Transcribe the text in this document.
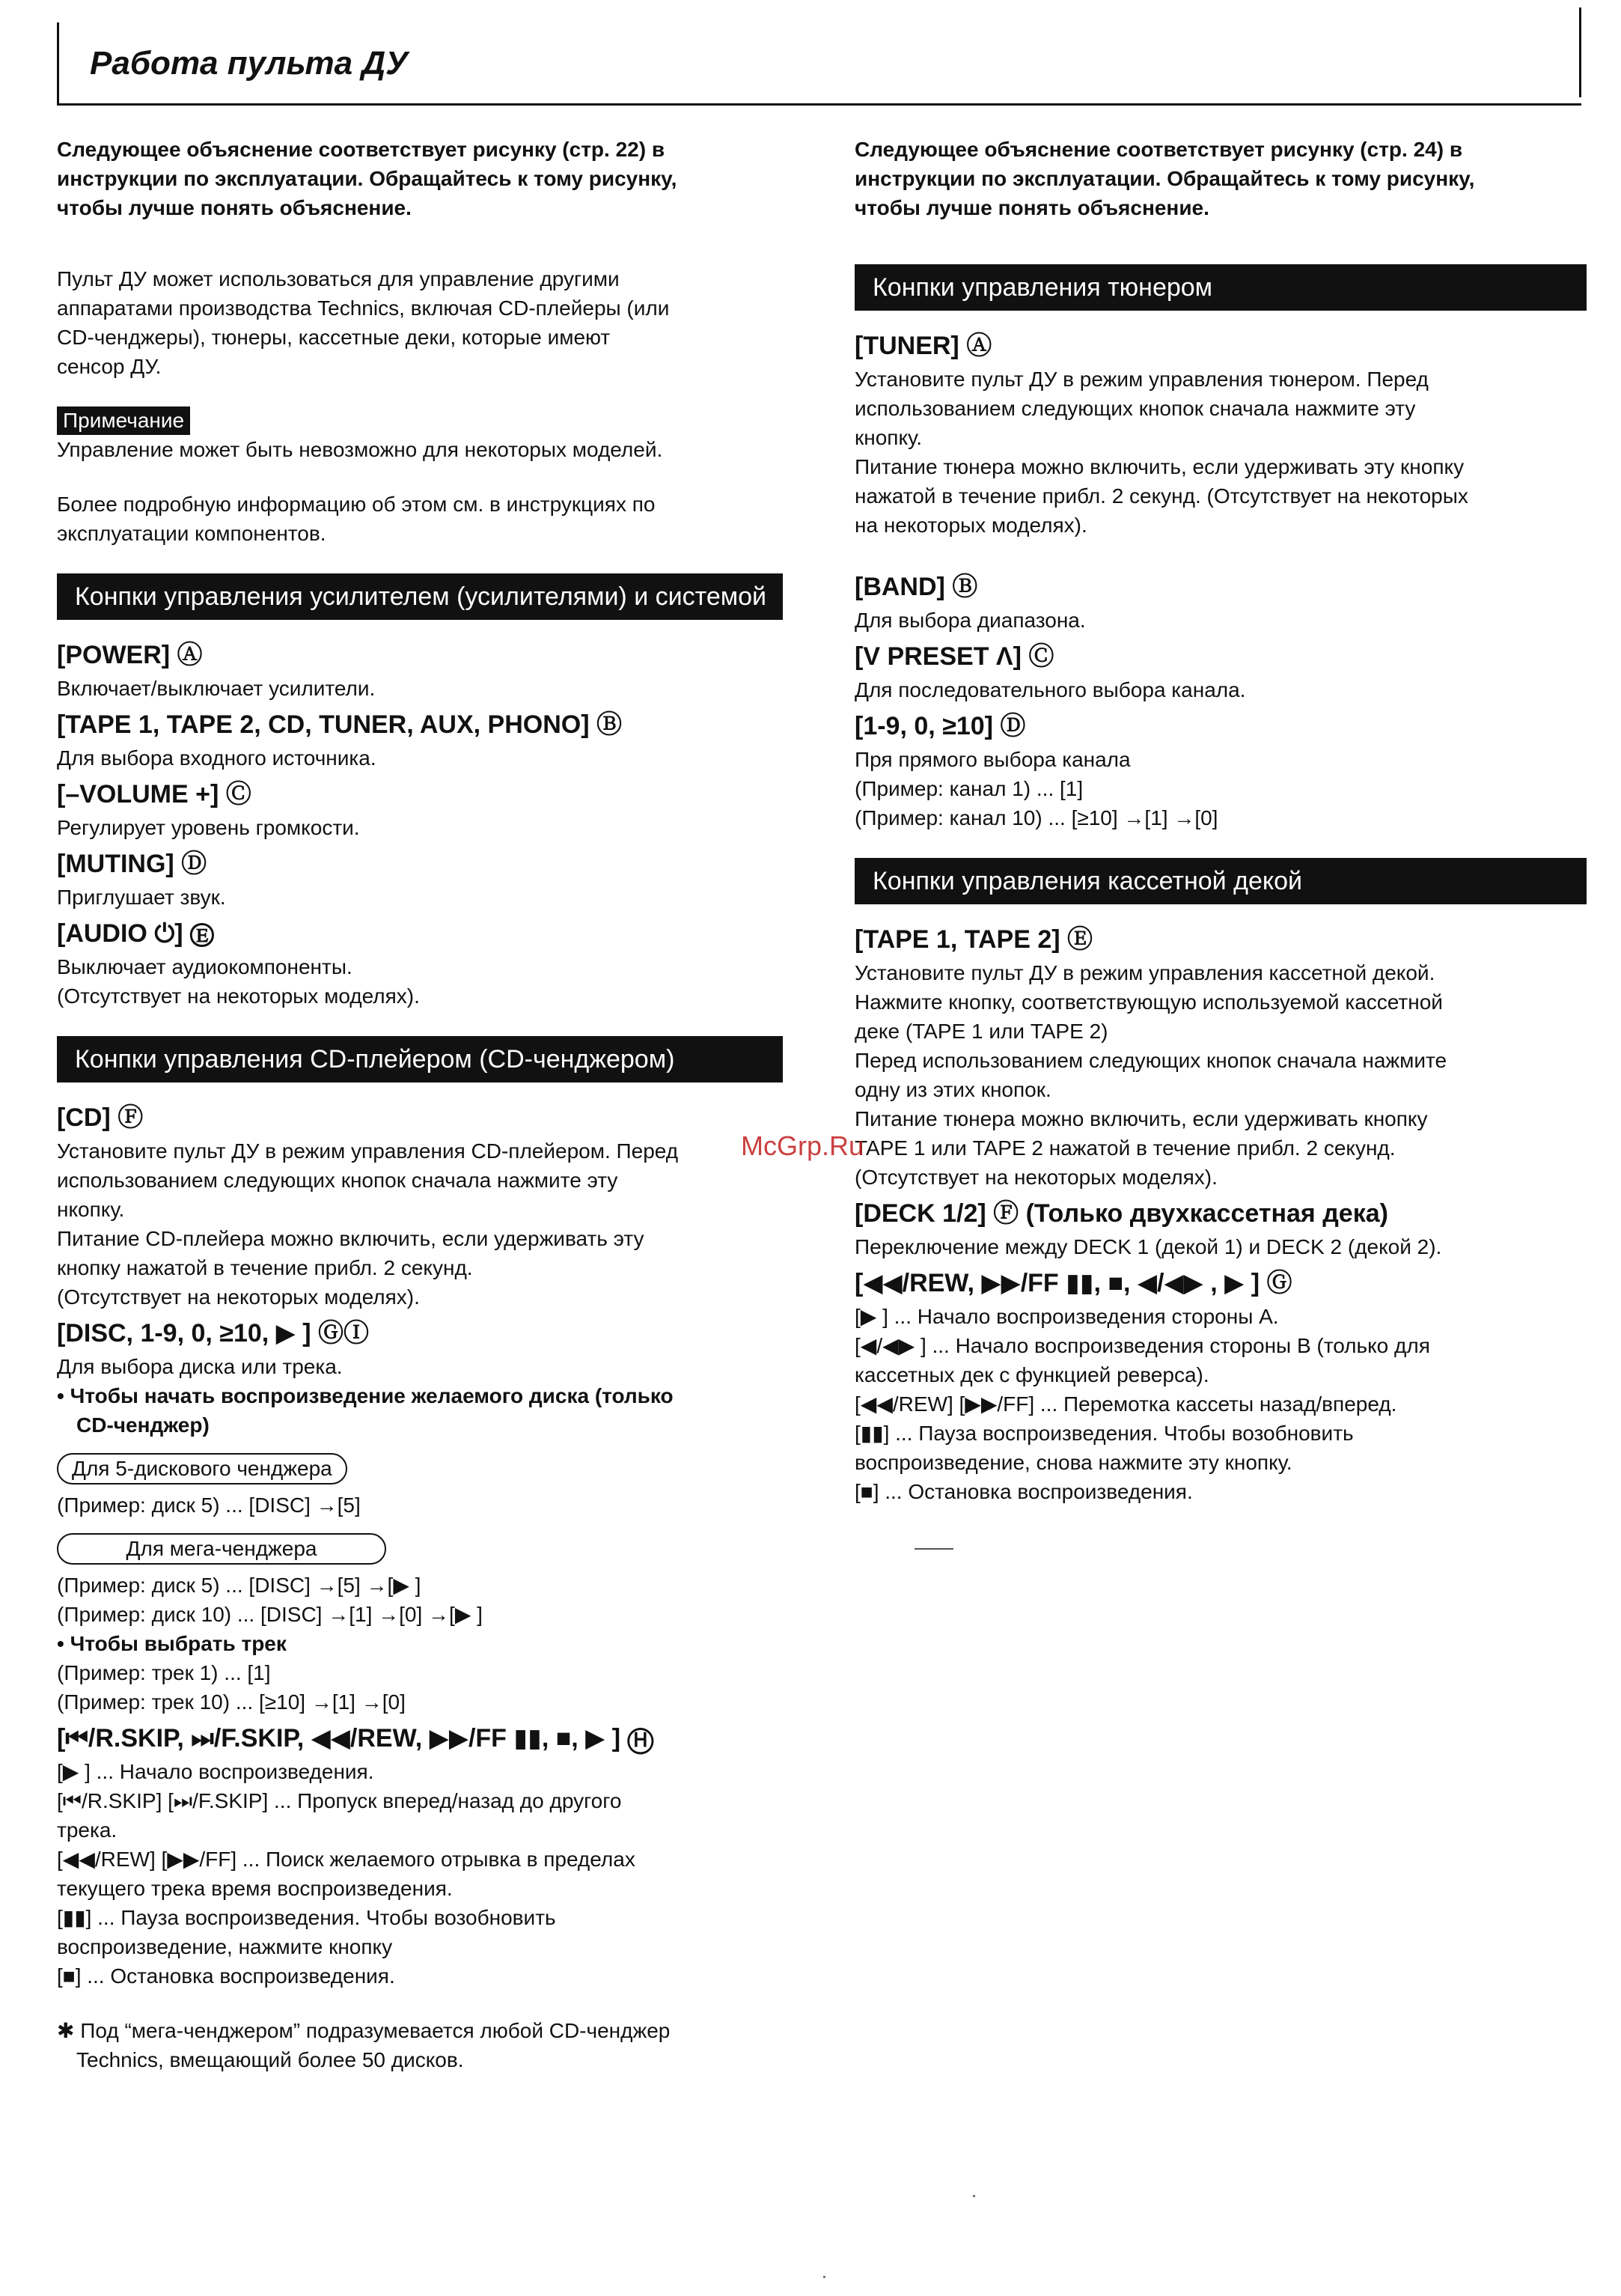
Работа пульта ДУ

Следующее объяснение соответствует рисунку (стр. 22) в

инструкции по эксплуатации. Обращайтесь к тому рисунку,

чтобы лучше понять объяснение.

Пульт ДУ может использоваться для управление другими

аппаратами производства Technics, включая CD-плейеры (или

CD-ченджеры), тюнеры, кассетные деки, которые имеют

сенсор ДУ.

Примечание

Управление может быть невозможно для некоторых моделей.

Более подробную информацию об этом см. в инструкциях по

эксплуатации компонентов.

Конпки управления усилителем (усилителями) и системой
[POWER] Ⓐ

Включает/выключает усилители.

[TAPE 1, TAPE 2, CD, TUNER, AUX, PHONO] Ⓑ

Для выбора входного источника.

[–VOLUME +] Ⓒ

Регулирует уровень громкости.

[MUTING] Ⓓ

Приглушает звук.

[AUDIO ⏻] Ⓔ

Выключает аудиокомпоненты.

(Отсутствует на некоторых моделях).

Конпки управления CD-плейером (CD-ченджером)
[CD] Ⓕ

Установите пульт ДУ в режим управления CD-плейером. Перед

использованием следующих кнопок сначала нажмите эту

нкопку.

Питание CD-плейера можно включить, если удерживать эту

кнопку нажатой в течение прибл. 2 секунд.

(Отсутствует на некоторых моделях).

[DISC, 1-9, 0, ≥10, ▶ ] ⒼⒾ

Для выбора диска или трека.

• Чтобы начать воспроизведение желаемого диска (только

CD-ченджер)

Для 5-дискового ченджера

(Пример: диск 5) ... [DISC] →[5]

Для мега-ченджера

(Пример: диск 5) ... [DISC] →[5] →[▶ ]

(Пример: диск 10) ... [DISC] →[1] →[0] →[▶ ]

• Чтобы выбрать трек

(Пример: трек 1) ... [1]

(Пример: трек 10) ... [≥10] →[1] →[0]

[⏮/R.SKIP, ⏭/F.SKIP, ◀◀/REW, ▶▶/FF ▮▮, ■, ▶ ] Ⓗ

[▶ ] ... Начало воспроизведения.

[⏮/R.SKIP] [⏭/F.SKIP] ... Пропуск вперед/назад до другого

трека.

[◀◀/REW] [▶▶/FF] ... Поиск желаемого отрывка в пределах

текущего трека время воспроизведения.

[▮▮] ... Пауза воспроизведения. Чтобы возобновить

воспроизведение, нажмите кнопку

[■] ... Остановка воспроизведения.

✱ Под “мега-ченджером” подразумевается любой CD-ченджер

Technics, вмещающий более 50 дисков.

Следующее объяснение соответствует рисунку (стр. 24) в

инструкции по эксплуатации. Обращайтесь к тому рисунку,

чтобы лучше понять объяснение.

Конпки управления тюнером
[TUNER] Ⓐ

Установите пульт ДУ в режим управления тюнером. Перед

использованием следующих кнопок сначала нажмите эту

кнопку.

Питание тюнера можно включить, если удерживать эту кнопку

нажатой в течение прибл. 2 секунд. (Отсутствует на некоторых

на некоторых моделях).

[BAND] Ⓑ

Для выбора диапазона.

[V PRESET Λ] Ⓒ

Для последовательного выбора канала.

[1-9, 0, ≥10] Ⓓ

Пря прямого выбора канала

(Пример: канал 1) ... [1]

(Пример: канал 10) ... [≥10] →[1] →[0]

Конпки управления кассетной декой
[TAPE 1, TAPE 2] Ⓔ

Установите пульт ДУ в режим управления кассетной декой.

Нажмите кнопку, соответствующую используемой кассетной

деке (TAPE 1 или TAPE 2)

Перед использованием следующих кнопок сначала нажмите

одну из этих кнопок.

Питание тюнера можно включить, если удерживать кнопку

TAPE 1 или TAPE 2 нажатой в течение прибл. 2 секунд.

(Отсутствует на некоторых моделях).

[DECK 1/2] Ⓕ (Только двухкассетная дека)

Переключение между DECK 1 (декой 1) и DECK 2 (декой 2).

[◀◀/REW, ▶▶/FF ▮▮, ■, ◀/◀▶ , ▶ ] Ⓖ

[▶ ] ... Начало воспроизведения стороны А.

[◀/◀▶ ] ... Начало воспроизведения стороны В (только для

кассетных дек с функцией реверса).

[◀◀/REW] [▶▶/FF] ... Перемотка кассеты назад/вперед.

[▮▮] ... Пауза воспроизведения. Чтобы возобновить

воспроизведение, снова нажмите эту кнопку.

[■] ... Остановка воспроизведения.

McGrp.Ru
